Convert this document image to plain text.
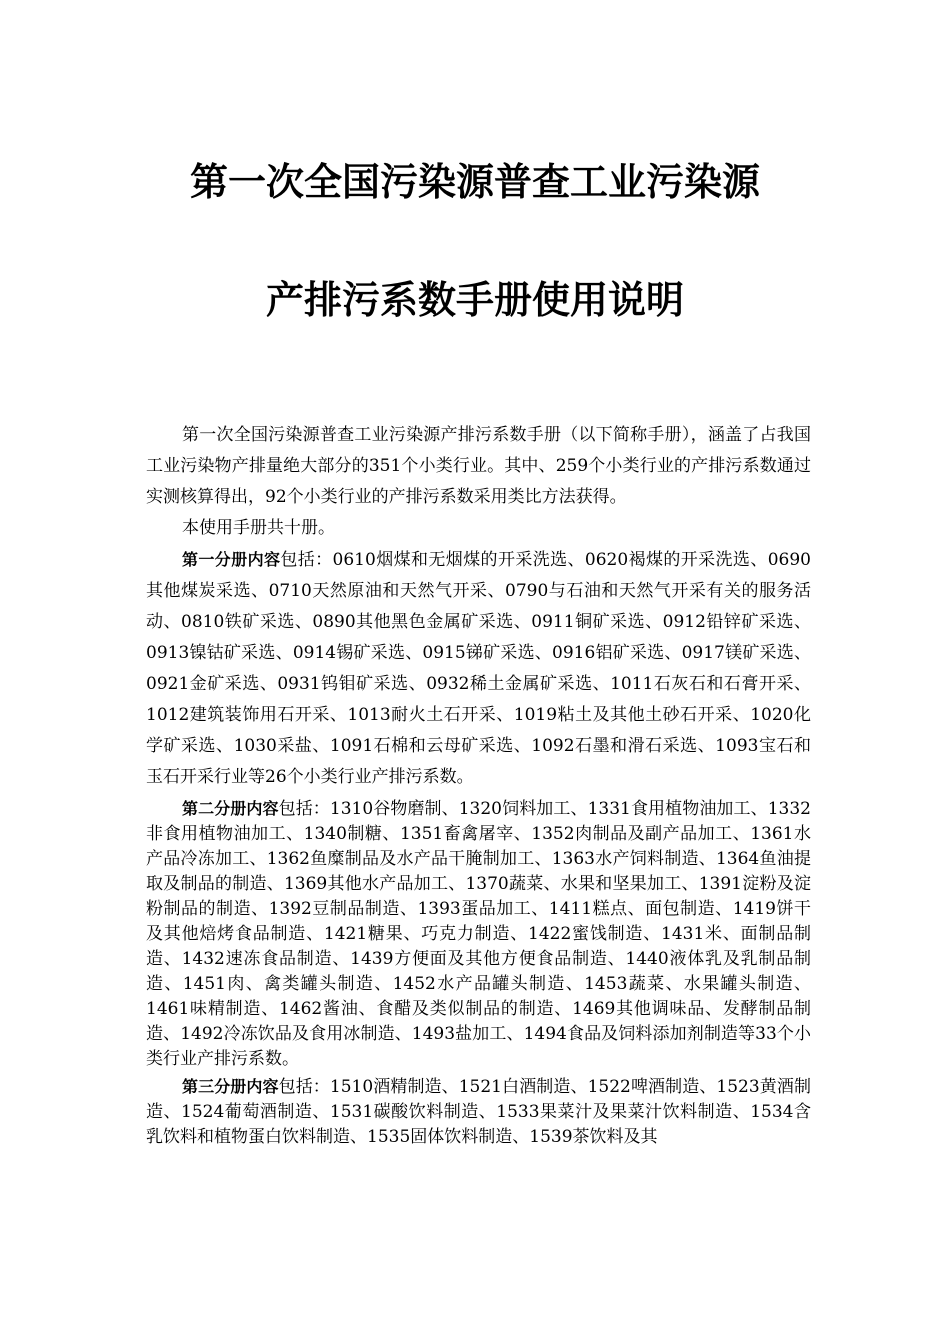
第一次全国污染源普查工业污染源
产排污系数手册使用说明

第一次全国污染源普查工业污染源产排污系数手册（以下简称手册），涵盖了占我国工业污染物产排量绝大部分的351个小类行业。其中、259个小类行业的产排污系数通过实测核算得出，92个小类行业的产排污系数采用类比方法获得。

本使用手册共十册。

第一分册内容包括：0610烟煤和无烟煤的开采洗选、0620褐煤的开采洗选、0690其他煤炭采选、0710天然原油和天然气开采、0790与石油和天然气开采有关的服务活动、0810铁矿采选、0890其他黑色金属矿采选、0911铜矿采选、0912铅锌矿采选、0913镍钴矿采选、0914锡矿采选、0915锑矿采选、0916铝矿采选、0917镁矿采选、0921金矿采选、0931钨钼矿采选、0932稀土金属矿采选、1011石灰石和石膏开采、1012建筑装饰用石开采、1013耐火土石开采、1019粘土及其他土砂石开采、1020化学矿采选、1030采盐、1091石棉和云母矿采选、1092石墨和滑石采选、1093宝石和玉石开采行业等26个小类行业产排污系数。

第二分册内容包括：1310谷物磨制、1320饲料加工、1331食用植物油加工、1332非食用植物油加工、1340制糖、1351畜禽屠宰、1352肉制品及副产品加工、1361水产品冷冻加工、1362鱼糜制品及水产品干腌制加工、1363水产饲料制造、1364鱼油提取及制品的制造、1369其他水产品加工、1370蔬菜、水果和坚果加工、1391淀粉及淀粉制品的制造、1392豆制品制造、1393蛋品加工、1411糕点、面包制造、1419饼干及其他焙烤食品制造、1421糖果、巧克力制造、1422蜜饯制造、1431米、面制品制造、1432速冻食品制造、1439方便面及其他方便食品制造、1440液体乳及乳制品制造、1451肉、禽类罐头制造、1452水产品罐头制造、1453蔬菜、水果罐头制造、1461味精制造、1462酱油、食醋及类似制品的制造、1469其他调味品、发酵制品制造、1492冷冻饮品及食用冰制造、1493盐加工、1494食品及饲料添加剂制造等33个小类行业产排污系数。

第三分册内容包括：1510酒精制造、1521白酒制造、1522啤酒制造、1523黄酒制造、1524葡萄酒制造、1531碳酸饮料制造、1533果菜汁及果菜汁饮料制造、1534含乳饮料和植物蛋白饮料制造、1535固体饮料制造、1539茶饮料及其
